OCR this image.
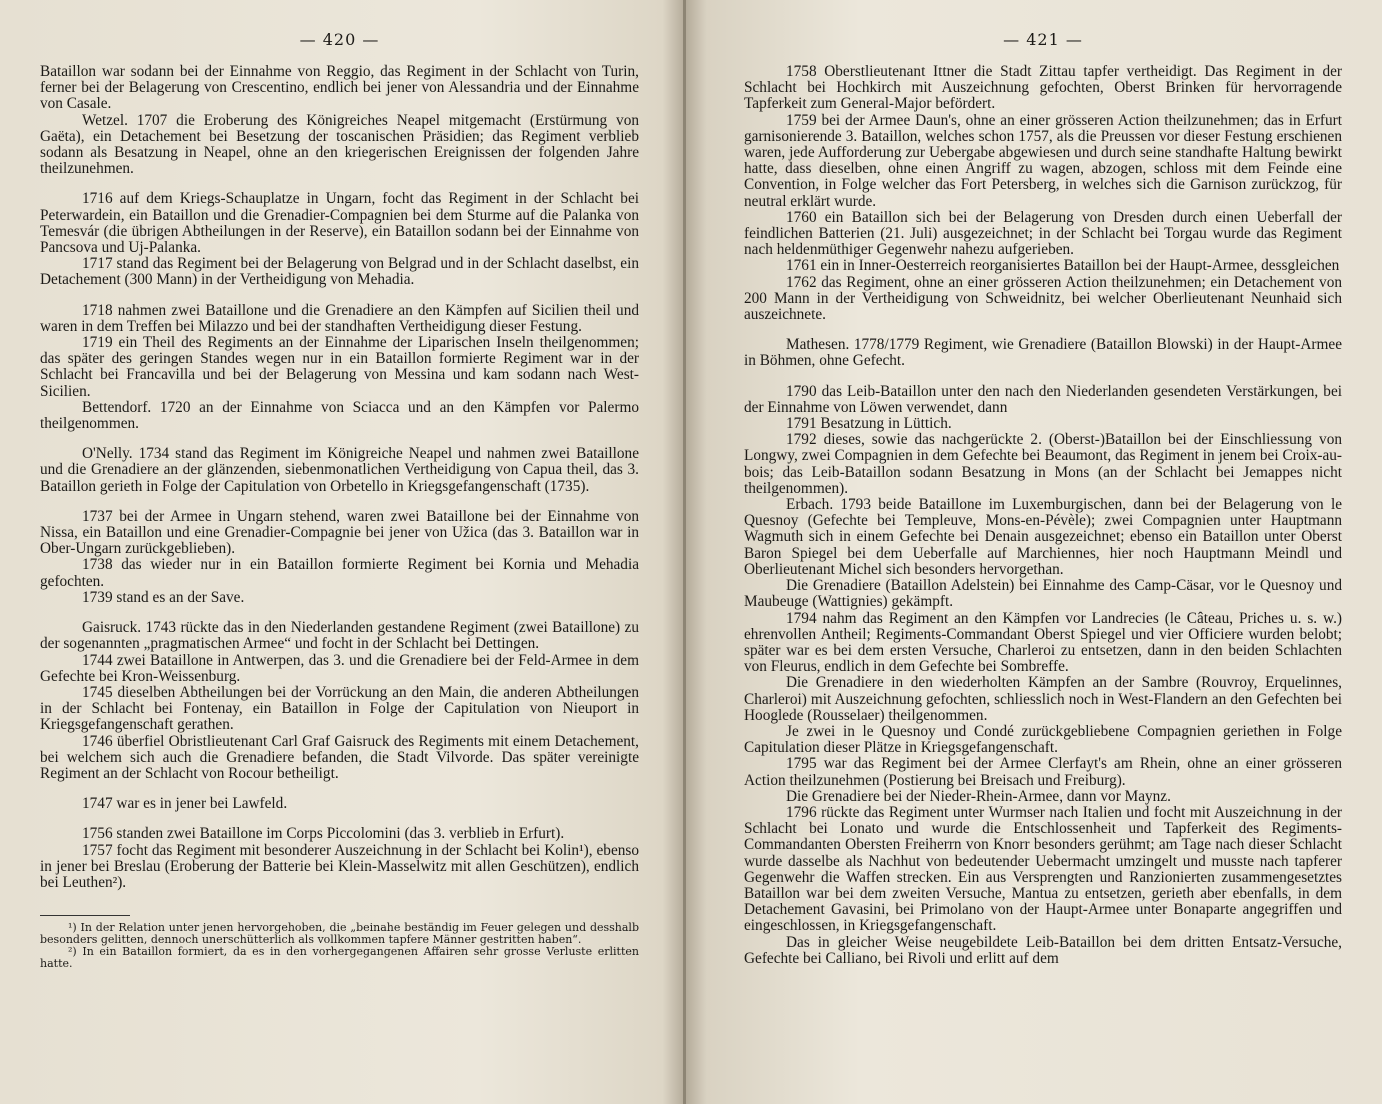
— 420 —

Bataillon war sodann bei der Einnahme von Reggio, das Regiment in der Schlacht von Turin, ferner bei der Belagerung von Crescentino, endlich bei jener von Alessandria und der Einnahme von Casale.

Wetzel. 1707 die Eroberung des Königreiches Neapel mitgemacht (Erstürmung von Gaëta), ein Detachement bei Besetzung der toscanischen Präsidien; das Regiment verblieb sodann als Besatzung in Neapel, ohne an den kriegerischen Ereignissen der folgenden Jahre theilzunehmen.

1716 auf dem Kriegs-Schauplatze in Ungarn, focht das Regiment in der Schlacht bei Peterwardein, ein Bataillon und die Grenadier-Compagnien bei dem Sturme auf die Palanka von Temesvár (die übrigen Abtheilungen in der Reserve), ein Bataillon sodann bei der Einnahme von Pancsova und Uj-Palanka.

1717 stand das Regiment bei der Belagerung von Belgrad und in der Schlacht daselbst, ein Detachement (300 Mann) in der Vertheidigung von Mehadia.

1718 nahmen zwei Bataillone und die Grenadiere an den Kämpfen auf Sicilien theil und waren in dem Treffen bei Milazzo und bei der standhaften Vertheidigung dieser Festung.

1719 ein Theil des Regiments an der Einnahme der Liparischen Inseln theilgenommen; das später des geringen Standes wegen nur in ein Bataillon formierte Regiment war in der Schlacht bei Francavilla und bei der Belagerung von Messina und kam sodann nach West-Sicilien.

Bettendorf. 1720 an der Einnahme von Sciacca und an den Kämpfen vor Palermo theilgenommen.

O'Nelly. 1734 stand das Regiment im Königreiche Neapel und nahmen zwei Bataillone und die Grenadiere an der glänzenden, siebenmonatlichen Vertheidigung von Capua theil, das 3. Bataillon gerieth in Folge der Capitulation von Orbetello in Kriegsgefangenschaft (1735).

1737 bei der Armee in Ungarn stehend, waren zwei Bataillone bei der Einnahme von Nissa, ein Bataillon und eine Grenadier-Compagnie bei jener von Užica (das 3. Bataillon war in Ober-Ungarn zurückgeblieben).

1738 das wieder nur in ein Bataillon formierte Regiment bei Kornia und Mehadia gefochten.

1739 stand es an der Save.

Gaisruck. 1743 rückte das in den Niederlanden gestandene Regiment (zwei Bataillone) zu der sogenannten „pragmatischen Armee“ und focht in der Schlacht bei Dettingen.

1744 zwei Bataillone in Antwerpen, das 3. und die Grenadiere bei der Feld-Armee in dem Gefechte bei Kron-Weissenburg.

1745 dieselben Abtheilungen bei der Vorrückung an den Main, die anderen Abtheilungen in der Schlacht bei Fontenay, ein Bataillon in Folge der Capitulation von Nieuport in Kriegsgefangenschaft gerathen.

1746 überfiel Obristlieutenant Carl Graf Gaisruck des Regiments mit einem Detachement, bei welchem sich auch die Grenadiere befanden, die Stadt Vilvorde. Das später vereinigte Regiment an der Schlacht von Rocour betheiligt.

1747 war es in jener bei Lawfeld.

1756 standen zwei Bataillone im Corps Piccolomini (das 3. verblieb in Erfurt).

1757 focht das Regiment mit besonderer Auszeichnung in der Schlacht bei Kolin¹), ebenso in jener bei Breslau (Eroberung der Batterie bei Klein-Masselwitz mit allen Geschützen), endlich bei Leuthen²).

¹) In der Relation unter jenen hervorgehoben, die „beinahe beständig im Feuer gelegen und desshalb besonders gelitten, dennoch unerschütterlich als vollkommen tapfere Männer gestritten haben“.

²) In ein Bataillon formiert, da es in den vorhergegangenen Affairen sehr grosse Verluste erlitten hatte.

— 421 —

1758 Oberstlieutenant Ittner die Stadt Zittau tapfer vertheidigt. Das Regiment in der Schlacht bei Hochkirch mit Auszeichnung gefochten, Oberst Brinken für hervorragende Tapferkeit zum General-Major befördert.

1759 bei der Armee Daun's, ohne an einer grösseren Action theilzunehmen; das in Erfurt garnisonierende 3. Bataillon, welches schon 1757, als die Preussen vor dieser Festung erschienen waren, jede Aufforderung zur Uebergabe abgewiesen und durch seine standhafte Haltung bewirkt hatte, dass dieselben, ohne einen Angriff zu wagen, abzogen, schloss mit dem Feinde eine Convention, in Folge welcher das Fort Petersberg, in welches sich die Garnison zurückzog, für neutral erklärt wurde.

1760 ein Bataillon sich bei der Belagerung von Dresden durch einen Ueberfall der feindlichen Batterien (21. Juli) ausgezeichnet; in der Schlacht bei Torgau wurde das Regiment nach heldenmüthiger Gegenwehr nahezu aufgerieben.

1761 ein in Inner-Oesterreich reorganisiertes Bataillon bei der Haupt-Armee, dessgleichen

1762 das Regiment, ohne an einer grösseren Action theilzunehmen; ein Detachement von 200 Mann in der Vertheidigung von Schweidnitz, bei welcher Oberlieutenant Neunhaid sich auszeichnete.

Mathesen. 1778/1779 Regiment, wie Grenadiere (Bataillon Blowski) in der Haupt-Armee in Böhmen, ohne Gefecht.

1790 das Leib-Bataillon unter den nach den Niederlanden gesendeten Verstärkungen, bei der Einnahme von Löwen verwendet, dann

1791 Besatzung in Lüttich.

1792 dieses, sowie das nachgerückte 2. (Oberst-)Bataillon bei der Einschliessung von Longwy, zwei Compagnien in dem Gefechte bei Beaumont, das Regiment in jenem bei Croix-au-bois; das Leib-Bataillon sodann Besatzung in Mons (an der Schlacht bei Jemappes nicht theilgenommen).

Erbach. 1793 beide Bataillone im Luxemburgischen, dann bei der Belagerung von le Quesnoy (Gefechte bei Templeuve, Mons-en-Pévèle); zwei Compagnien unter Hauptmann Wagmuth sich in einem Gefechte bei Denain ausgezeichnet; ebenso ein Bataillon unter Oberst Baron Spiegel bei dem Ueberfalle auf Marchiennes, hier noch Hauptmann Meindl und Oberlieutenant Michel sich besonders hervorgethan.

Die Grenadiere (Bataillon Adelstein) bei Einnahme des Camp-Cäsar, vor le Quesnoy und Maubeuge (Wattignies) gekämpft.

1794 nahm das Regiment an den Kämpfen vor Landrecies (le Câteau, Priches u. s. w.) ehrenvollen Antheil; Regiments-Commandant Oberst Spiegel und vier Officiere wurden belobt; später war es bei dem ersten Versuche, Charleroi zu entsetzen, dann in den beiden Schlachten von Fleurus, endlich in dem Gefechte bei Sombreffe.

Die Grenadiere in den wiederholten Kämpfen an der Sambre (Rouvroy, Erquelinnes, Charleroi) mit Auszeichnung gefochten, schliesslich noch in West-Flandern an den Gefechten bei Hooglede (Rousselaer) theilgenommen.

Je zwei in le Quesnoy und Condé zurückgebliebene Compagnien geriethen in Folge Capitulation dieser Plätze in Kriegsgefangenschaft.

1795 war das Regiment bei der Armee Clerfayt's am Rhein, ohne an einer grösseren Action theilzunehmen (Postierung bei Breisach und Freiburg).

Die Grenadiere bei der Nieder-Rhein-Armee, dann vor Maynz.

1796 rückte das Regiment unter Wurmser nach Italien und focht mit Auszeichnung in der Schlacht bei Lonato und wurde die Entschlossenheit und Tapferkeit des Regiments-Commandanten Obersten Freiherrn von Knorr besonders gerühmt; am Tage nach dieser Schlacht wurde dasselbe als Nachhut von bedeutender Uebermacht umzingelt und musste nach tapferer Gegenwehr die Waffen strecken. Ein aus Versprengten und Ranzionierten zusammengesetztes Bataillon war bei dem zweiten Versuche, Mantua zu entsetzen, gerieth aber ebenfalls, in dem Detachement Gavasini, bei Primolano von der Haupt-Armee unter Bonaparte angegriffen und eingeschlossen, in Kriegsgefangenschaft.

Das in gleicher Weise neugebildete Leib-Bataillon bei dem dritten Entsatz-Versuche, Gefechte bei Calliano, bei Rivoli und erlitt auf dem
